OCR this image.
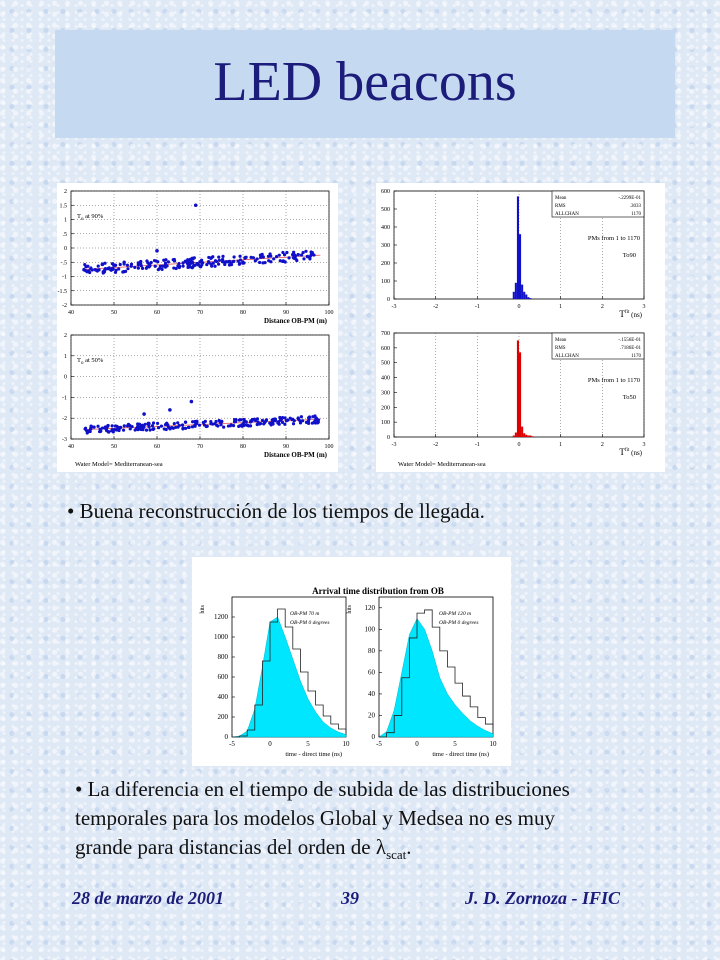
LED beacons
40	50	60	70	80	90	100
-2
-1.5
-1
-.5
0
.5
1
1.5
2
$T_o$ at 90%
Distance OB-PM (m)
40	50	60	70	80	90	100
-3
-2
-1
0
1
2
$T_o$ at 50%
Distance OB-PM (m)
Water Model= Mediterranean-sea
-3	-2	-1	0	1	2	3
0
100
200
300
400
500
600
Mean	-.2299E-01
RMS	.3033
ALLCHAN	1170
PMs from 1 to 1170
To90
$T^{fit}$ (ns)
-3	-2	-1	0	1	2	3
0
100
200
300
400
500
600
700
Mean	-.1556E-01
RMS	.7186E-01
ALLCHAN	1170
PMs from 1 to 1170
To50
$T^{fit}$ (ns)
Water Model= Mediterranean-sea
• Buena reconstrucción de los tiempos de llegada.
Arrival time distribution from OB
-5	0	5	10
0
200
400
600
800
1000
1200	OB-PM 70 m
OB-PM 0 degrees
time - direct time (ns)
hits
-5	0	5	10
0
20
40
60
80
100
120
OB-PM 120 m
OB-PM 0 degrees
time - direct time (ns)
hits
• La diferencia en el tiempo de subida de las distribuciones
temporales para los modelos Global y Medsea no es muy
grande para distancias del orden de $\lambda_{scat}$.
28 de marzo de 2001	39	J. D. Zornoza - IFIC
